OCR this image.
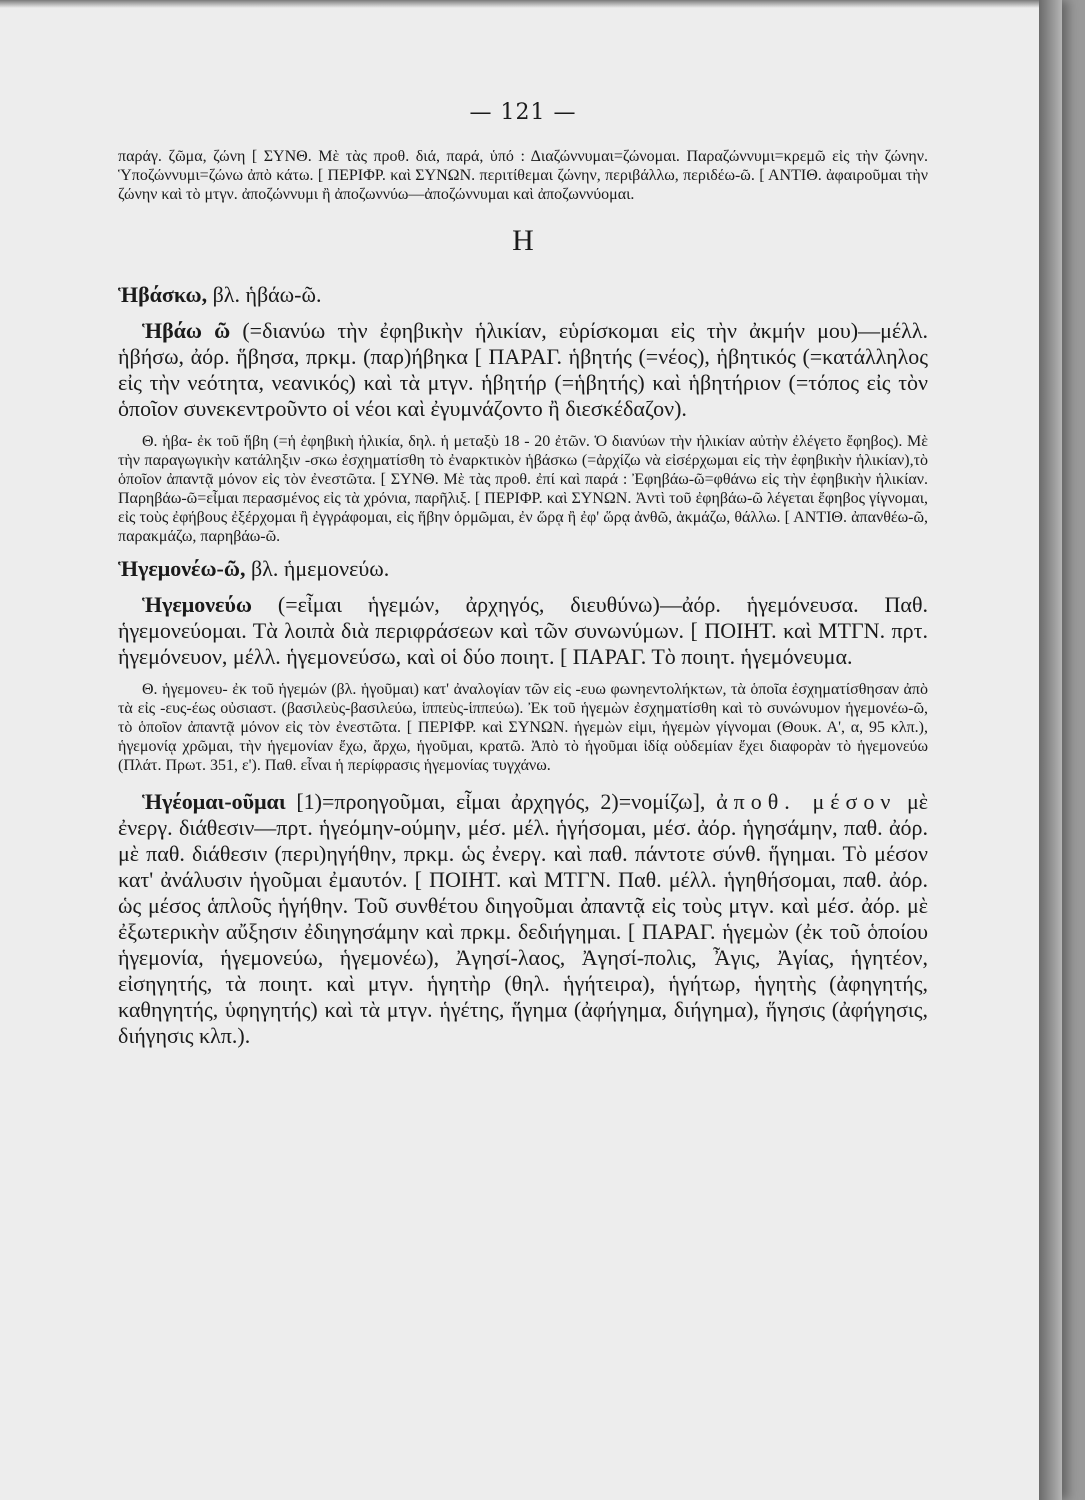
— 121 —

παράγ. ζῶμα, ζώνη [ ΣΥΝΘ. Μὲ τὰς προθ. διά, παρά, ὑπό : Διαζώννυμαι=ζώνομαι. Παραζώννυμι=κρεμῶ εἰς τὴν ζώνην. Ὑποζώννυμι=ζώνω ἀπὸ κάτω. [ ΠΕΡΙΦΡ. καὶ ΣΥΝΩΝ. περιτίθεμαι ζώνην, περιβάλλω, περιδέω-ῶ. [ ΑΝΤΙΘ. ἀφαιροῦμαι τὴν ζώνην καὶ τὸ μτγν. ἀποζώννυμι ἢ ἀποζωννύω—ἀποζώννυμαι καὶ ἀποζωννύομαι.

Η

Ἡβάσκω, βλ. ἡβάω-ῶ.

Ἡβάω ῶ (=διανύω τὴν ἐφηβικὴν ἡλικίαν, εὑρίσκομαι εἰς τὴν ἀκμήν μου)—μέλλ. ἡβήσω, ἀόρ. ἥβησα, πρκμ. (παρ)ήβηκα [ ΠΑΡΑΓ. ἡβητής (=νέος), ἡβητικός (=κατάλληλος εἰς τὴν νεότητα, νεανικός) καὶ τὰ μτγν. ἡβητήρ (=ἡβητής) καὶ ἡβητήριον (=τόπος εἰς τὸν ὁποῖον συνεκεντροῦντο οἱ νέοι καὶ ἐγυμνάζοντο ἢ διεσκέδαζον).

Θ. ἡβα- ἐκ τοῦ ἥβη (=ἡ ἐφηβικὴ ἡλικία, δηλ. ἡ μεταξὺ 18 - 20 ἐτῶν. Ὁ διανύων τὴν ἡλικίαν αὐτὴν ἐλέγετο ἔφηβος). Μὲ τὴν παραγωγικὴν κατάληξιν -σκω ἐσχηματίσθη τὸ ἐναρκτικὸν ἡβάσκω (=ἀρχίζω νὰ εἰσέρχωμαι εἰς τὴν ἐφηβικὴν ἡλικίαν),τὸ ὁποῖον ἀπαντᾷ μόνον εἰς τὸν ἐνεστῶτα. [ ΣΥΝΘ. Μὲ τὰς προθ. ἐπί καὶ παρά : Ἐφηβάω-ῶ=φθάνω εἰς τὴν ἐφηβικὴν ἡλικίαν. Παρηβάω-ῶ=εἶμαι περασμένος εἰς τὰ χρόνια, παρῆλιξ. [ ΠΕΡΙΦΡ. καὶ ΣΥΝΩΝ. Ἀντὶ τοῦ ἐφηβάω-ῶ λέγεται ἔφηβος γίγνομαι, εἰς τοὺς ἐφήβους ἐξέρχομαι ἢ ἐγγράφομαι, εἰς ἥβην ὁρμῶμαι, ἐν ὥρᾳ ἢ ἐφ' ὥρᾳ ἀνθῶ, ἀκμάζω, θάλλω. [ ΑΝΤΙΘ. ἀπανθέω-ῶ, παρακμάζω, παρηβάω-ῶ.

Ἡγεμονέω-ῶ, βλ. ἡμεμονεύω.

Ἡγεμονεύω (=εἶμαι ἡγεμών, ἀρχηγός, διευθύνω)—ἀόρ. ἡγεμόνευσα. Παθ. ἡγεμονεύομαι. Τὰ λοιπὰ διὰ περιφράσεων καὶ τῶν συνωνύμων. [ ΠΟΙΗΤ. καὶ ΜΤΓΝ. πρτ. ἡγεμόνευον, μέλλ. ἡγεμονεύσω, καὶ οἱ δύο ποιητ. [ ΠΑΡΑΓ. Τὸ ποιητ. ἡγεμόνευμα.

Θ. ἡγεμονευ- ἐκ τοῦ ἡγεμών (βλ. ἡγοῦμαι) κατ' ἀναλογίαν τῶν εἰς -ευω φωνηεντολήκτων, τὰ ὁποῖα ἐσχηματίσθησαν ἀπὸ τὰ εἰς -ευς-έως οὐσιαστ. (βασιλεὺς-βασιλεύω, ἱππεὺς-ἱππεύω). Ἐκ τοῦ ἡγεμὼν ἐσχηματίσθη καὶ τὸ συνώνυμον ἡγεμονέω-ῶ, τὸ ὁποῖον ἀπαντᾷ μόνον εἰς τὸν ἐνεστῶτα. [ ΠΕΡΙΦΡ. καὶ ΣΥΝΩΝ. ἡγεμὼν εἰμι, ἡγεμὼν γίγνομαι (Θουκ. Α', α, 95 κλπ.), ἡγεμονίᾳ χρῶμαι, τὴν ἡγεμονίαν ἔχω, ἄρχω, ἡγοῦμαι, κρατῶ. Ἀπὸ τὸ ἡγοῦμαι ἰδίᾳ οὐδεμίαν ἔχει διαφορὰν τὸ ἡγεμονεύω (Πλάτ. Πρωτ. 351, ε'). Παθ. εἶναι ἡ περίφρασις ἡγεμονίας τυγχάνω.

Ἡγέομαι-οῦμαι [1)=προηγοῦμαι, εἶμαι ἀρχηγός, 2)=νομίζω], ἀποθ. μέσον μὲ ἐνεργ. διάθεσιν—πρτ. ἡγεόμην-ούμην, μέσ. μέλ. ἡγήσομαι, μέσ. ἀόρ. ἡγησάμην, παθ. ἀόρ. μὲ παθ. διάθεσιν (περι)ηγήθην, πρκμ. ὡς ἐνεργ. καὶ παθ. πάντοτε σύνθ. ἥγημαι. Τὸ μέσον κατ' ἀνάλυσιν ἡγοῦμαι ἐμαυτόν. [ ΠΟΙΗΤ. καὶ ΜΤΓΝ. Παθ. μέλλ. ἡγηθήσομαι, παθ. ἀόρ. ὡς μέσος ἁπλοῦς ἡγήθην. Τοῦ συνθέτου διηγοῦμαι ἀπαντᾷ εἰς τοὺς μτγν. καὶ μέσ. ἀόρ. μὲ ἐξωτερικὴν αὔξησιν ἐδιηγησάμην καὶ πρκμ. δεδιήγημαι. [ ΠΑΡΑΓ. ἡγεμὼν (ἐκ τοῦ ὁποίου ἡγεμονία, ἡγεμονεύω, ἡγεμονέω), Ἀγησί-λαος, Ἀγησί-πολις, Ἆγις, Ἀγίας, ἡγητέον, εἰσηγητής, τὰ ποιητ. καὶ μτγν. ἡγητὴρ (θηλ. ἡγήτειρα), ἡγήτωρ, ἡγητὴς (ἀφηγητής, καθηγητής, ὑφηγητής) καὶ τὰ μτγν. ἡγέτης, ἥγημα (ἀφήγημα, διήγημα), ἥγησις (ἀφήγησις, διήγησις κλπ.).
